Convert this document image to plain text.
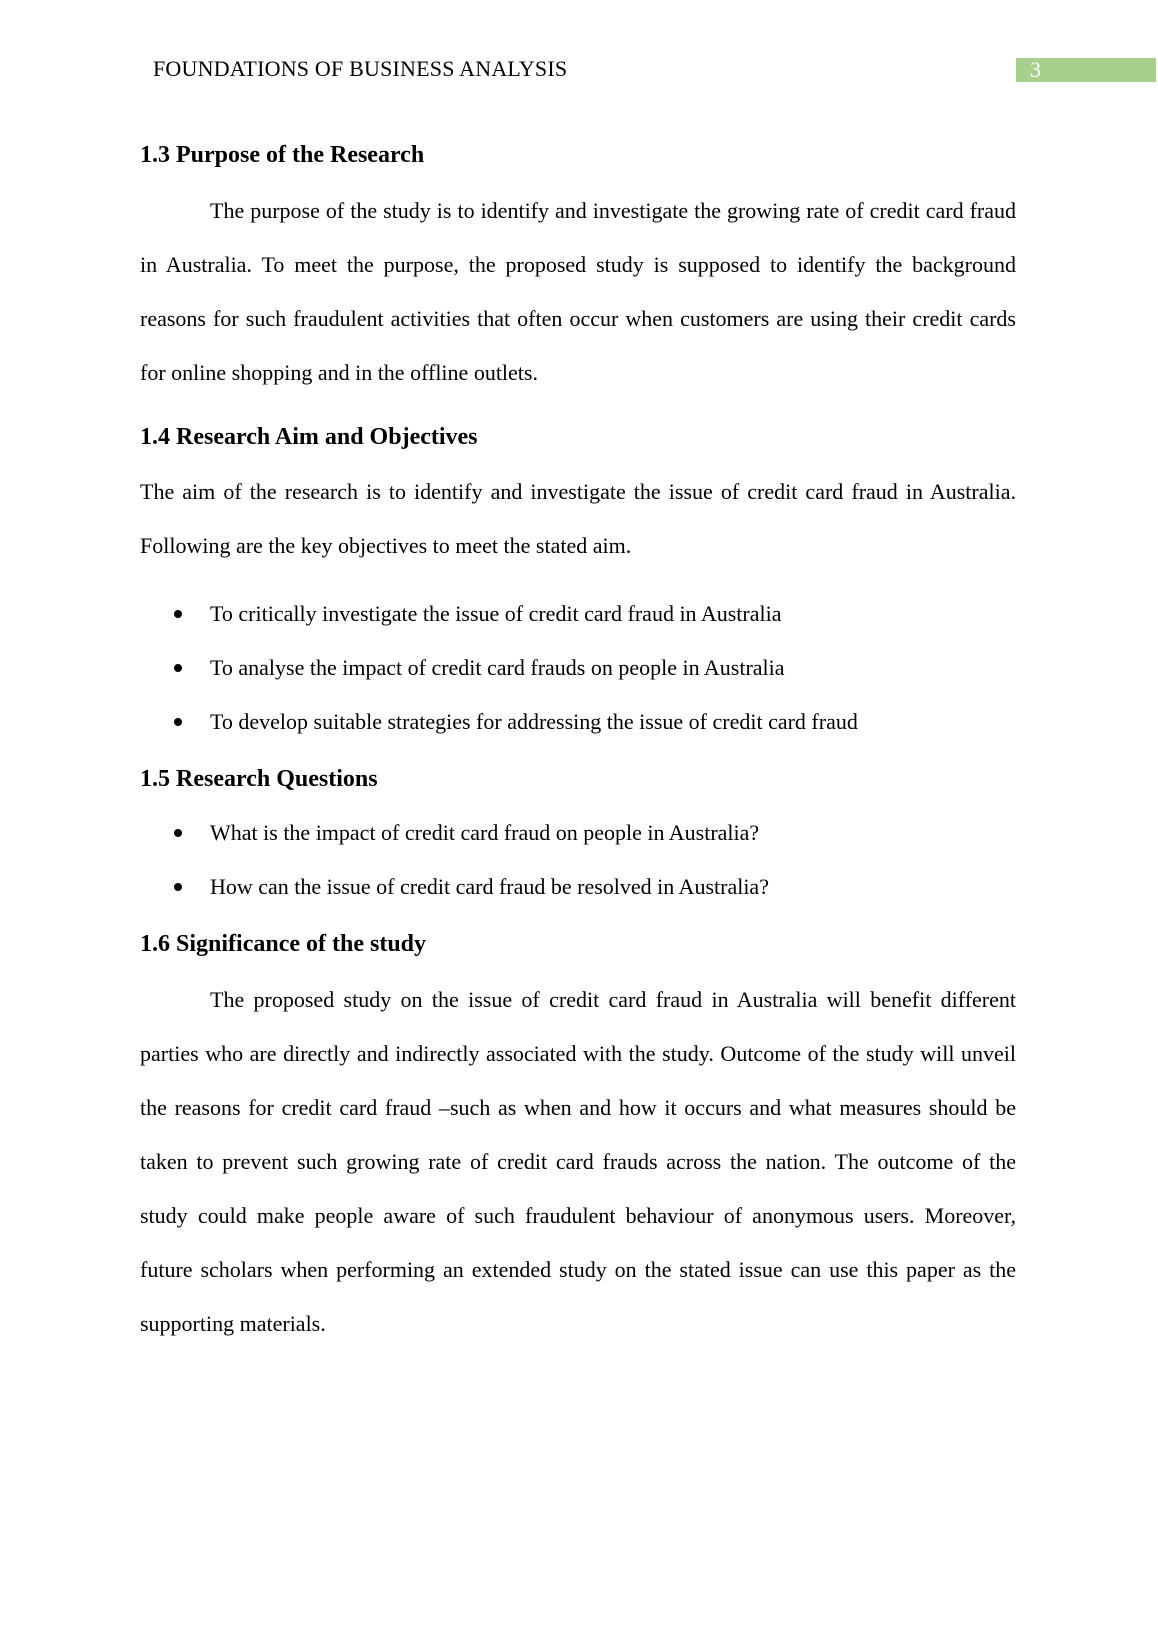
FOUNDATIONS OF BUSINESS ANALYSIS	3
1.3 Purpose of the Research

The purpose of the study is to identify and investigate the growing rate of credit card fraud in Australia. To meet the purpose, the proposed study is supposed to identify the background reasons for such fraudulent activities that often occur when customers are using their credit cards for online shopping and in the offline outlets.

1.4 Research Aim and Objectives

The aim of the research is to identify and investigate the issue of credit card fraud in Australia. Following are the key objectives to meet the stated aim.

To critically investigate the issue of credit card fraud in Australia
To analyse the impact of credit card frauds on people in Australia
To develop suitable strategies for addressing the issue of credit card fraud
1.5 Research Questions
What is the impact of credit card fraud on people in Australia?
How can the issue of credit card fraud be resolved in Australia?
1.6 Significance of the study

The proposed study on the issue of credit card fraud in Australia will benefit different parties who are directly and indirectly associated with the study. Outcome of the study will unveil the reasons for credit card fraud –such as when and how it occurs and what measures should be taken to prevent such growing rate of credit card frauds across the nation. The outcome of the study could make people aware of such fraudulent behaviour of anonymous users. Moreover, future scholars when performing an extended study on the stated issue can use this paper as the supporting materials.
